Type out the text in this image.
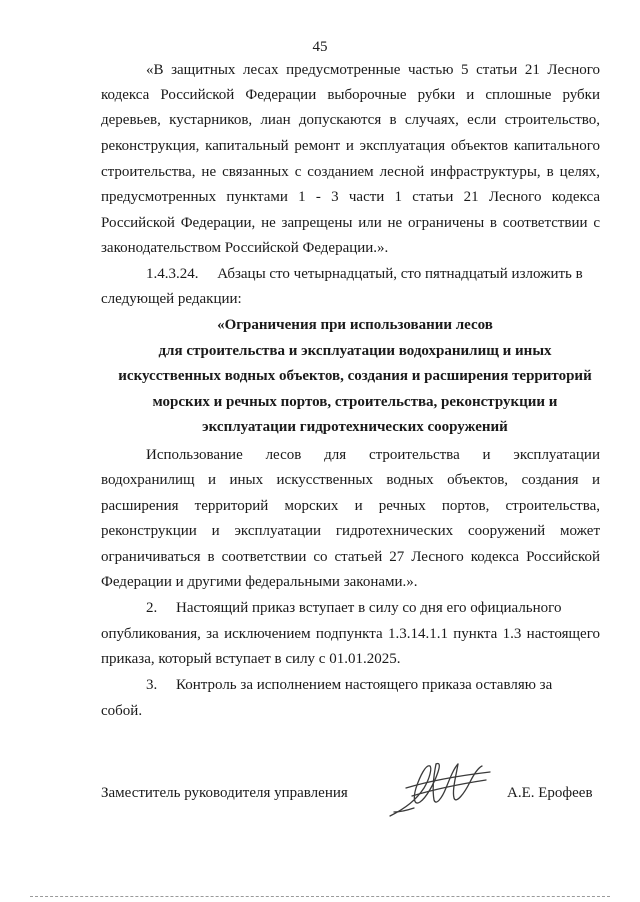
45
«В защитных лесах предусмотренные частью 5 статьи 21 Лесного
кодекса Российской Федерации выборочные рубки и сплошные рубки
деревьев, кустарников, лиан допускаются в случаях, если строительство,
реконструкция, капитальный ремонт и эксплуатация объектов капитального
строительства, не связанных с созданием лесной инфраструктуры, в целях,
предусмотренных пунктами 1 - 3 части 1 статьи 21 Лесного кодекса
Российской Федерации, не запрещены или не ограничены в соответствии с
законодательством Российской Федерации.».
1.4.3.24.     Абзацы сто четырнадцатый, сто пятнадцатый изложить в
следующей редакции:
«Ограничения при использовании лесов
для строительства и эксплуатации водохранилищ и иных
искусственных водных объектов, создания и расширения территорий
морских и речных портов, строительства, реконструкции и
эксплуатации гидротехнических сооружений
Использование лесов для строительства и эксплуатации
водохранилищ и иных искусственных водных объектов, создания и
расширения территорий морских и речных портов, строительства,
реконструкции и эксплуатации гидротехнических сооружений может
ограничиваться в соответствии со статьей 27 Лесного кодекса Российской
Федерации и другими федеральными законами.».
2.     Настоящий приказ вступает в силу со дня его официального
опубликования, за исключением подпункта 1.3.14.1.1 пункта 1.3 настоящего
приказа, который вступает в силу с 01.01.2025.
3.     Контроль за исполнением настоящего приказа оставляю за
собой.
Заместитель руководителя управления	А.Е. Ерофеев
